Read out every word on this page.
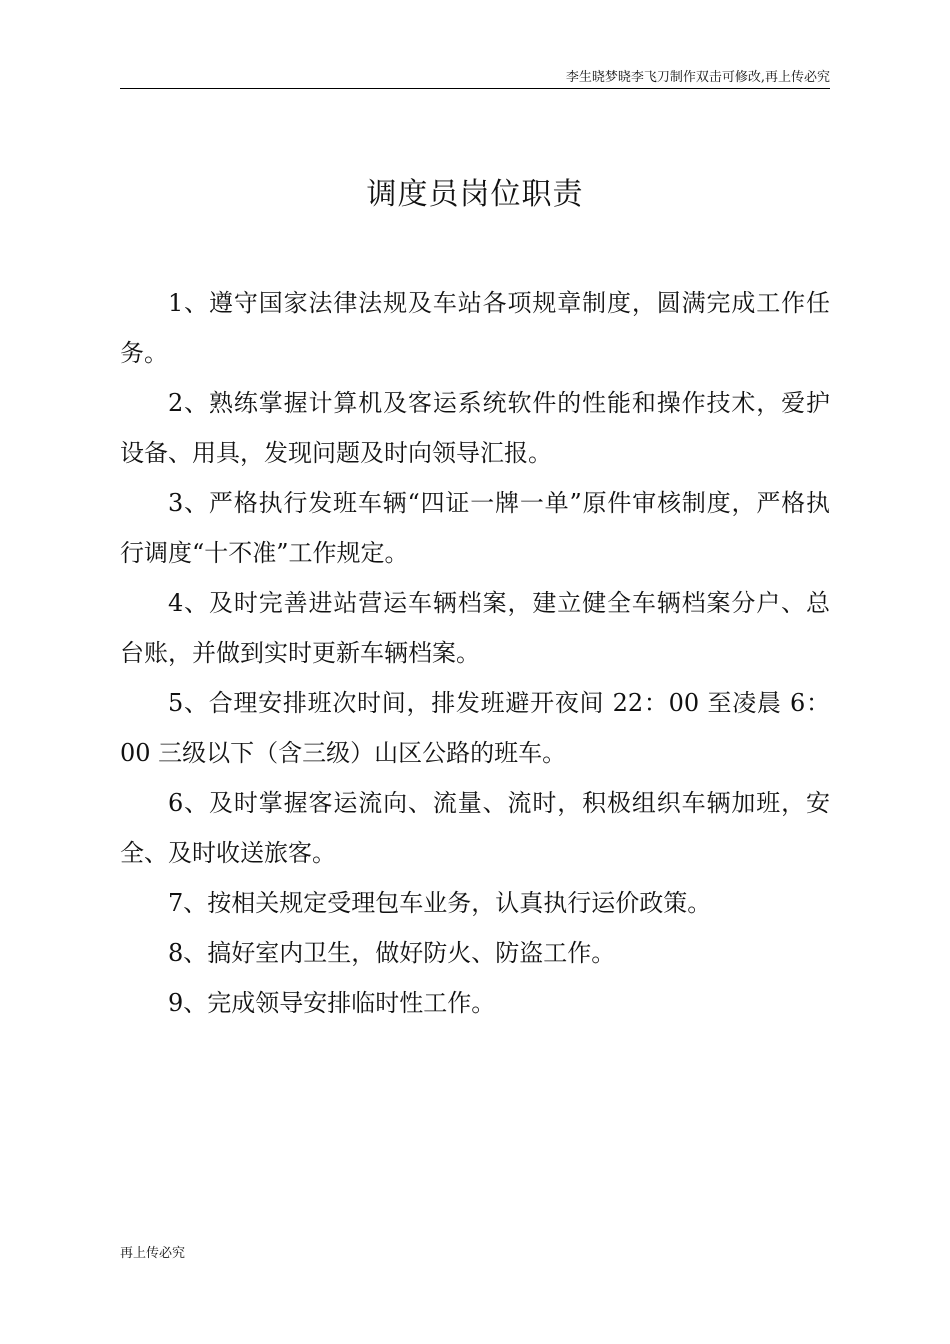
李生晓梦晓李飞刀制作双击可修改,再上传必究
调度员岗位职责

1、遵守国家法律法规及车站各项规章制度，圆满完成工作任务。

2、熟练掌握计算机及客运系统软件的性能和操作技术，爱护设备、用具，发现问题及时向领导汇报。

3、严格执行发班车辆“四证一牌一单”原件审核制度，严格执行调度“十不准”工作规定。

4、及时完善进站营运车辆档案，建立健全车辆档案分户、总台账，并做到实时更新车辆档案。

5、合理安排班次时间，排发班避开夜间 22：00 至凌晨 6：00 三级以下（含三级）山区公路的班车。

6、及时掌握客运流向、流量、流时，积极组织车辆加班，安全、及时收送旅客。

7、按相关规定受理包车业务，认真执行运价政策。

8、搞好室内卫生，做好防火、防盗工作。

9、完成领导安排临时性工作。

再上传必究
